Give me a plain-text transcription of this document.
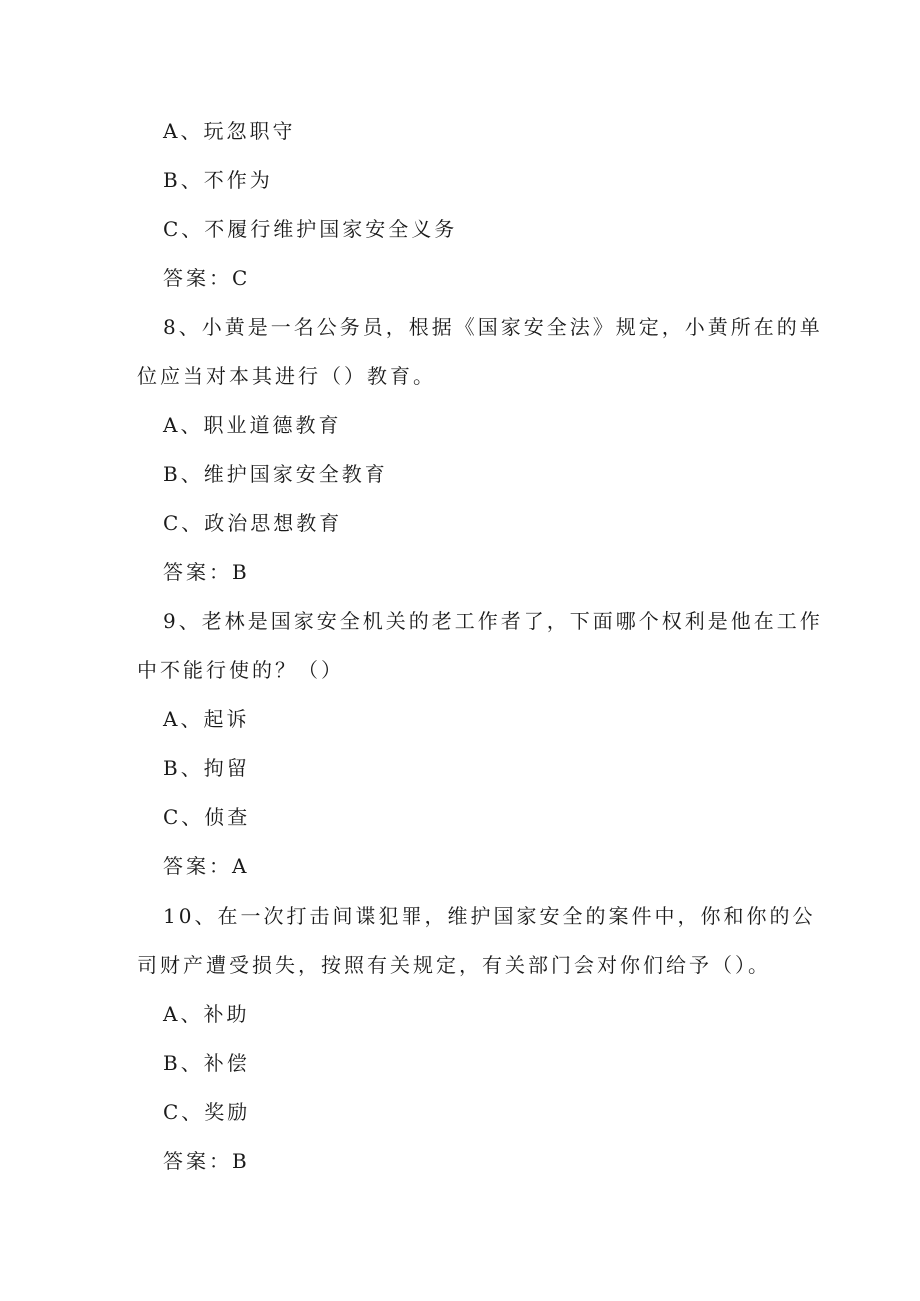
A、玩忽职守
B、不作为
C、不履行维护国家安全义务
答案：C
8、小黄是一名公务员，根据《国家安全法》规定，小黄所在的单
位应当对本其进行（）教育。
A、职业道德教育
B、维护国家安全教育
C、政治思想教育
答案：B
9、老林是国家安全机关的老工作者了，下面哪个权利是他在工作
中不能行使的？（）
A、起诉
B、拘留
C、侦查
答案：A
10、在一次打击间谍犯罪，维护国家安全的案件中，你和你的公
司财产遭受损失，按照有关规定，有关部门会对你们给予（）。
A、补助
B、补偿
C、奖励
答案：B
